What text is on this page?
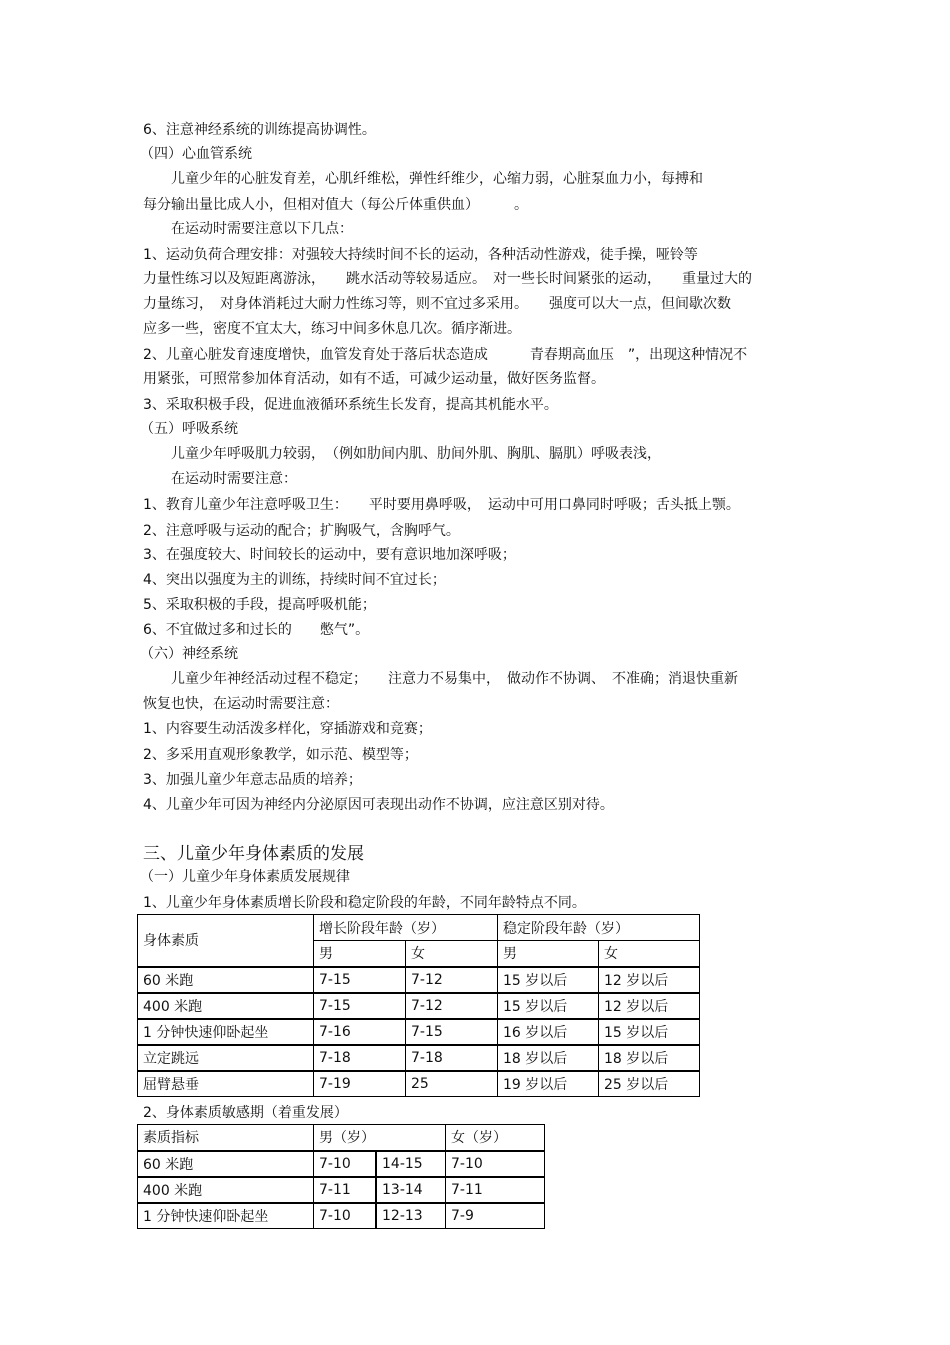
6、注意神经系统的训练提高协调性。

（四）心血管系统

　　儿童少年的心脏发育差，心肌纤维松，弹性纤维少，心缩力弱，心脏泵血力小，每搏和

每分输出量比成人小，但相对值大（每公斤体重供血）　　　。

　　在运动时需要注意以下几点：

1、运动负荷合理安排：对强较大持续时间不长的运动，各种活动性游戏，徒手操，哑铃等

力量性练习以及短距离游泳，　　跳水活动等较易适应。　对一些长时间紧张的运动，　　重量过大的

力量练习，　对身体消耗过大耐力性练习等，则不宜过多采用。　　强度可以大一点，但间歇次数

应多一些，密度不宜太大，练习中间多休息几次。循序渐进。

2、儿童心脏发育速度增快，血管发育处于落后状态造成　　　青春期高血压　”，出现这种情况不

用紧张，可照常参加体育活动，如有不适，可减少运动量，做好医务监督。

3、采取积极手段，促进血液循环系统生长发育，提高其机能水平。

（五）呼吸系统

　　儿童少年呼吸肌力较弱，　（例如肋间内肌、肋间外肌、胸肌、膈肌）呼吸表浅，

　　在运动时需要注意：

1、教育儿童少年注意呼吸卫生：　　平时要用鼻呼吸，　运动中可用口鼻同时呼吸；舌头抵上颚。

2、注意呼吸与运动的配合；扩胸吸气，含胸呼气。

3、在强度较大、时间较长的运动中，要有意识地加深呼吸；

4、突出以强度为主的训练，持续时间不宜过长；

5、采取积极的手段，提高呼吸机能；

6、不宜做过多和过长的　　憋气”。

（六）神经系统

　　儿童少年神经活动过程不稳定；　　注意力不易集中，　做动作不协调、　不准确；消退快重新

恢复也快，在运动时需要注意：

1、内容要生动活泼多样化，穿插游戏和竞赛；

2、多采用直观形象教学，如示范、模型等；

3、加强儿童少年意志品质的培养；

4、儿童少年可因为神经内分泌原因可表现出动作不协调，应注意区别对待。

三、儿童少年身体素质的发展

（一）儿童少年身体素质发展规律

1、儿童少年身体素质增长阶段和稳定阶段的年龄，不同年龄特点不同。

身体素质	增长阶段年龄（岁）		稳定阶段年龄（岁）	
	男	女	男	女
60 米跑	7-15	7-12	15 岁以后	12 岁以后
400 米跑	7-15	7-12	15 岁以后	12 岁以后
1 分钟快速仰卧起坐	7-16	7-15	16 岁以后	15 岁以后
立定跳远	7-18	7-18	18 岁以后	18 岁以后
屈臂悬垂	7-19	25	19 岁以后	25 岁以后

2、身体素质敏感期（着重发展）

素质指标	男（岁）		女（岁）
60 米跑	7-10	14-15	7-10
400 米跑	7-11	13-14	7-11
1 分钟快速仰卧起坐	7-10	12-13	7-9
